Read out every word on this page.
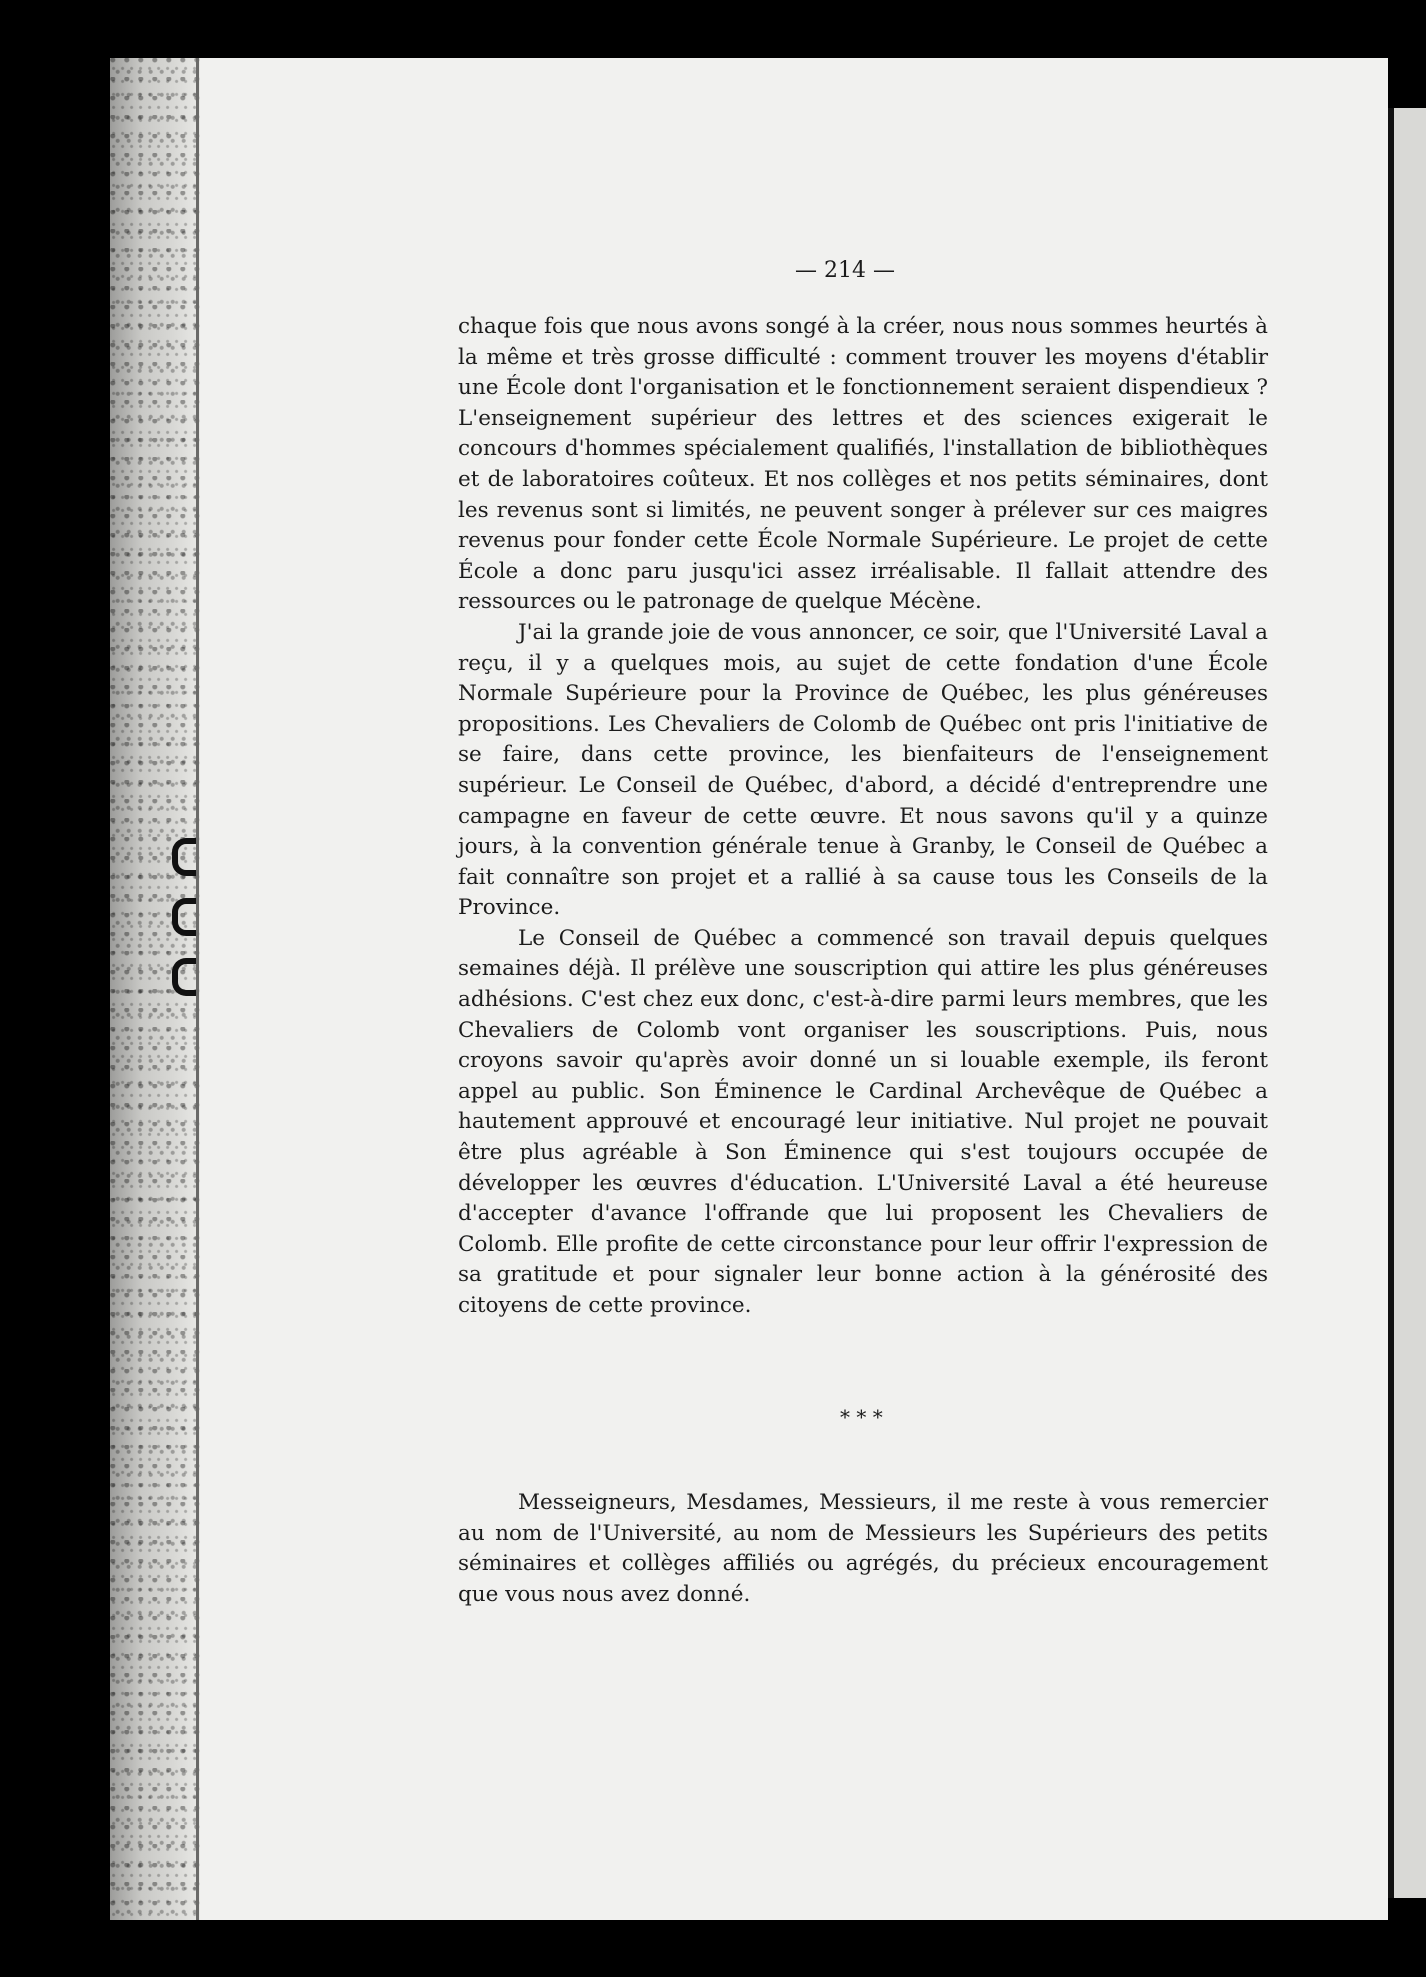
— 214 —

chaque fois que nous avons songé à la créer, nous nous sommes heurtés à la même et très grosse difficulté : comment trouver les moyens d'établir une École dont l'organisation et le fonctionnement seraient dispendieux ? L'enseignement supérieur des lettres et des sciences exigerait le concours d'hommes spécialement qualifiés, l'installation de bibliothèques et de laboratoires coûteux. Et nos collèges et nos petits séminaires, dont les revenus sont si limités, ne peuvent songer à prélever sur ces maigres revenus pour fonder cette École Normale Supérieure. Le projet de cette École a donc paru jusqu'ici assez irréalisable. Il fallait attendre des ressources ou le patronage de quelque Mécène.

J'ai la grande joie de vous annoncer, ce soir, que l'Université Laval a reçu, il y a quelques mois, au sujet de cette fondation d'une École Normale Supérieure pour la Province de Québec, les plus généreuses propositions. Les Chevaliers de Colomb de Québec ont pris l'initiative de se faire, dans cette province, les bienfaiteurs de l'enseignement supérieur. Le Conseil de Québec, d'abord, a décidé d'entreprendre une campagne en faveur de cette œuvre. Et nous savons qu'il y a quinze jours, à la convention générale tenue à Granby, le Conseil de Québec a fait connaître son projet et a rallié à sa cause tous les Conseils de la Province.

Le Conseil de Québec a commencé son travail depuis quelques semaines déjà. Il prélève une souscription qui attire les plus généreuses adhésions. C'est chez eux donc, c'est-à-dire parmi leurs membres, que les Chevaliers de Colomb vont organiser les souscriptions. Puis, nous croyons savoir qu'après avoir donné un si louable exemple, ils feront appel au public. Son Éminence le Cardinal Archevêque de Québec a hautement approuvé et encouragé leur initiative. Nul projet ne pouvait être plus agréable à Son Éminence qui s'est toujours occupée de développer les œuvres d'éducation. L'Université Laval a été heureuse d'accepter d'avance l'offrande que lui proposent les Chevaliers de Colomb. Elle profite de cette circonstance pour leur offrir l'expression de sa gratitude et pour signaler leur bonne action à la générosité des citoyens de cette province.

* * *

Messeigneurs, Mesdames, Messieurs, il me reste à vous remercier au nom de l'Université, au nom de Messieurs les Supérieurs des petits séminaires et collèges affiliés ou agrégés, du précieux encouragement que vous nous avez donné.
